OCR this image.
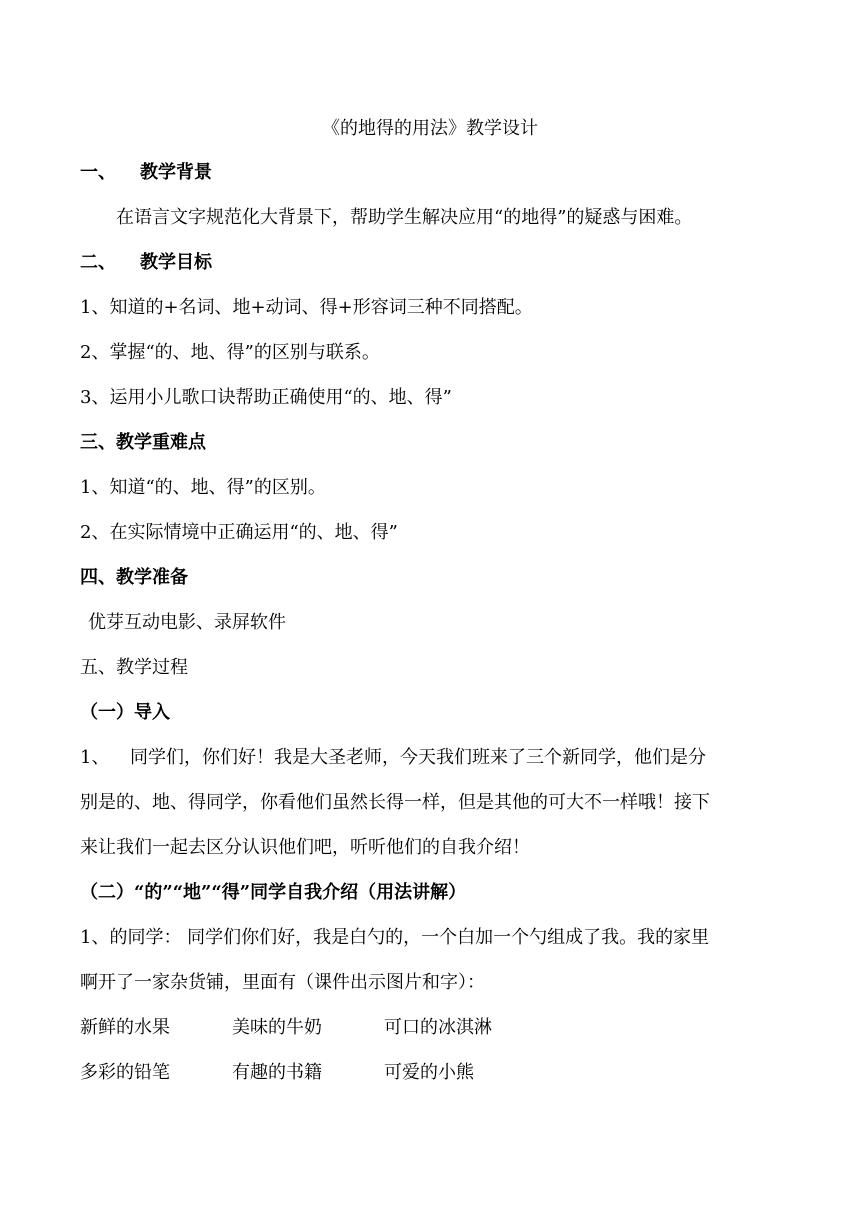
《的地得的用法》教学设计
一、 教学背景
在语言文字规范化大背景下，帮助学生解决应用“的地得”的疑惑与困难。
二、 教学目标
1、知道的+名词、地+动词、得+形容词三种不同搭配。
2、掌握“的、地、得”的区别与联系。
3、运用小儿歌口诀帮助正确使用“的、地、得”
三、教学重难点
1、知道“的、地、得”的区别。
2、在实际情境中正确运用“的、地、得”
四、教学准备
优芽互动电影、录屏软件
五、教学过程
（一）导入
1、 同学们，你们好！我是大圣老师，今天我们班来了三个新同学，他们是分
别是的、地、得同学，你看他们虽然长得一样，但是其他的可大不一样哦！接下
来让我们一起去区分认识他们吧，听听他们的自我介绍！
（二）“的”“地”“得”同学自我介绍（用法讲解）
1、的同学： 同学们你们好，我是白勺的，一个白加一个勺组成了我。我的家里
啊开了一家杂货铺，里面有（课件出示图片和字）：
新鲜的水果	美味的牛奶	可口的冰淇淋
多彩的铅笔	有趣的书籍	可爱的小熊
